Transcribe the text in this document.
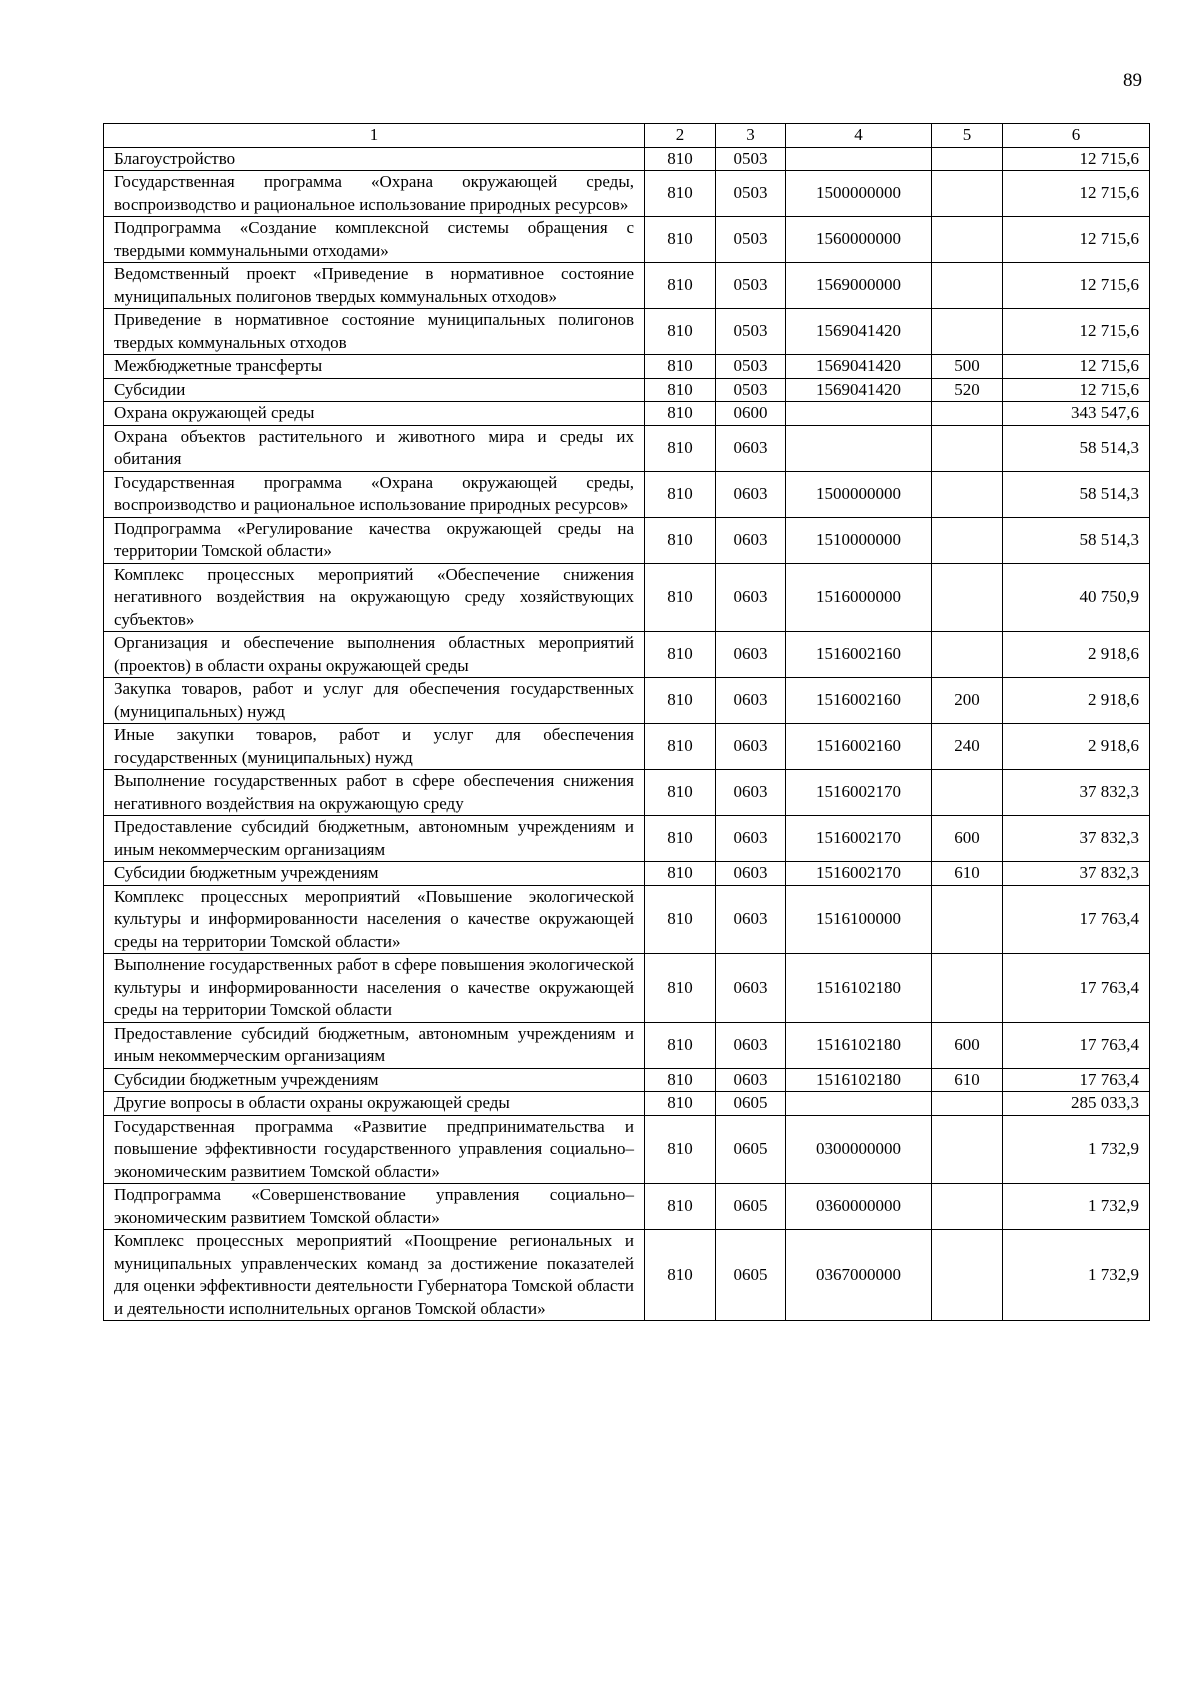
89
1	2	3	4	5	6
Благоустройство	810	0503			12 715,6
Государственная программа «Охрана окружающей среды, воспроизводство и рациональное использование природных ресурсов»	810	0503	1500000000		12 715,6
Подпрограмма «Создание комплексной системы обращения с твердыми коммунальными отходами»	810	0503	1560000000		12 715,6
Ведомственный проект «Приведение в нормативное состояние муниципальных полигонов твердых коммунальных отходов»	810	0503	1569000000		12 715,6
Приведение в нормативное состояние муниципальных полигонов твердых коммунальных отходов	810	0503	1569041420		12 715,6
Межбюджетные трансферты	810	0503	1569041420	500	12 715,6
Субсидии	810	0503	1569041420	520	12 715,6
Охрана окружающей среды	810	0600			343 547,6
Охрана объектов растительного и животного мира и среды их обитания	810	0603			58 514,3
Государственная программа «Охрана окружающей среды, воспроизводство и рациональное использование природных ресурсов»	810	0603	1500000000		58 514,3
Подпрограмма «Регулирование качества окружающей среды на территории Томской области»	810	0603	1510000000		58 514,3
Комплекс процессных мероприятий «Обеспечение снижения негативного воздействия на окружающую среду хозяйствующих субъектов»	810	0603	1516000000		40 750,9
Организация и обеспечение выполнения областных мероприятий (проектов) в области охраны окружающей среды	810	0603	1516002160		2 918,6
Закупка товаров, работ и услуг для обеспечения государственных (муниципальных) нужд	810	0603	1516002160	200	2 918,6
Иные закупки товаров, работ и услуг для обеспечения государственных (муниципальных) нужд	810	0603	1516002160	240	2 918,6
Выполнение государственных работ в сфере обеспечения снижения негативного воздействия на окружающую среду	810	0603	1516002170		37 832,3
Предоставление субсидий бюджетным, автономным учреждениям и иным некоммерческим организациям	810	0603	1516002170	600	37 832,3
Субсидии бюджетным учреждениям	810	0603	1516002170	610	37 832,3
Комплекс процессных мероприятий «Повышение экологической культуры и информированности населения о качестве окружающей среды на территории Томской области»	810	0603	1516100000		17 763,4
Выполнение государственных работ в сфере повышения экологической культуры и информированности населения о качестве окружающей среды на территории Томской области	810	0603	1516102180		17 763,4
Предоставление субсидий бюджетным, автономным учреждениям и иным некоммерческим организациям	810	0603	1516102180	600	17 763,4
Субсидии бюджетным учреждениям	810	0603	1516102180	610	17 763,4
Другие вопросы в области охраны окружающей среды	810	0605			285 033,3
Государственная программа «Развитие предпринимательства и повышение эффективности государственного управления социально–экономическим развитием Томской области»	810	0605	0300000000		1 732,9
Подпрограмма «Совершенствование управления социально–экономическим развитием Томской области»	810	0605	0360000000		1 732,9
Комплекс процессных мероприятий «Поощрение региональных и муниципальных управленческих команд за достижение показателей для оценки эффективности деятельности Губернатора Томской области и деятельности исполнительных органов Томской области»	810	0605	0367000000		1 732,9
